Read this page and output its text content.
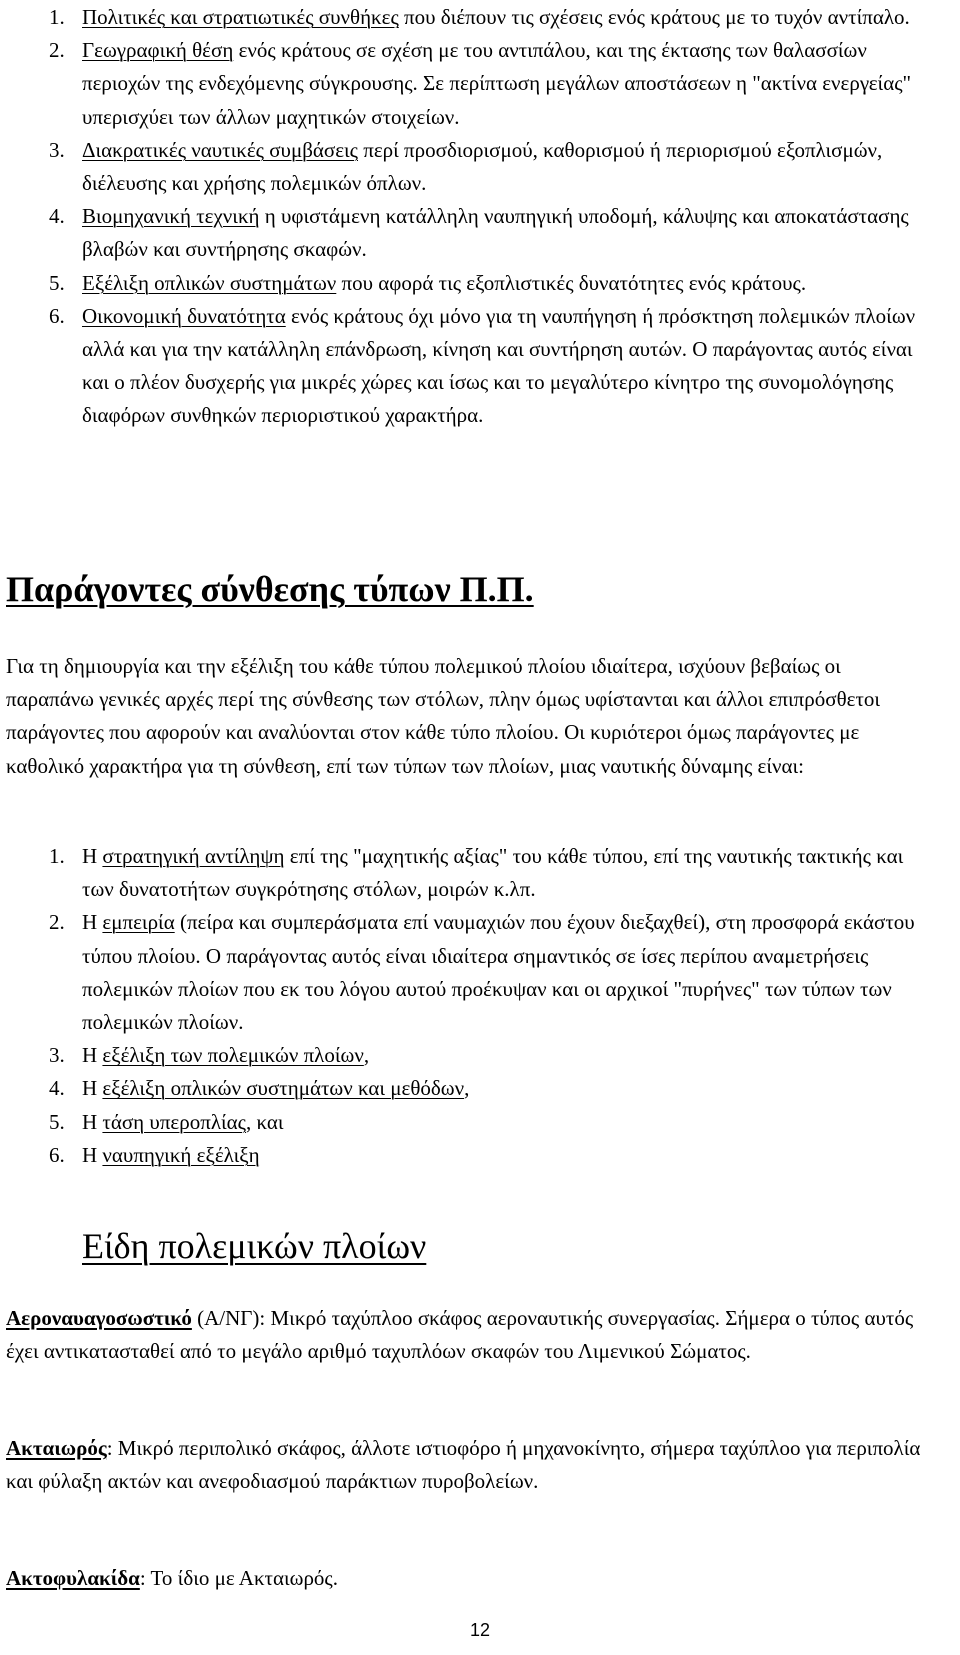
1. Πολιτικές και στρατιωτικές συνθήκες που διέπουν τις σχέσεις ενός κράτους με το τυχόν αντίπαλο.
2. Γεωγραφική θέση ενός κράτους σε σχέση με του αντιπάλου, και της έκτασης των θαλασσίων περιοχών της ενδεχόμενης σύγκρουσης. Σε περίπτωση μεγάλων αποστάσεων η "ακτίνα ενεργείας" υπερισχύει των άλλων μαχητικών στοιχείων.
3. Διακρατικές ναυτικές συμβάσεις περί προσδιορισμού, καθορισμού ή περιορισμού εξοπλισμών, διέλευσης και χρήσης πολεμικών όπλων.
4. Βιομηχανική τεχνική η υφιστάμενη κατάλληλη ναυπηγική υποδομή, κάλυψης και αποκατάστασης βλαβών και συντήρησης σκαφών.
5. Εξέλιξη οπλικών συστημάτων που αφορά τις εξοπλιστικές δυνατότητες ενός κράτους.
6. Οικονομική δυνατότητα ενός κράτους όχι μόνο για τη ναυπήγηση ή πρόσκτηση πολεμικών πλοίων αλλά και για την κατάλληλη επάνδρωση, κίνηση και συντήρηση αυτών. Ο παράγοντας αυτός είναι και ο πλέον δυσχερής για μικρές χώρες και ίσως και το μεγαλύτερο κίνητρο της συνομολόγησης διαφόρων συνθηκών περιοριστικού χαρακτήρα.
Παράγοντες σύνθεσης τύπων Π.Π.

Για τη δημιουργία και την εξέλιξη του κάθε τύπου πολεμικού πλοίου ιδιαίτερα, ισχύουν βεβαίως οι παραπάνω γενικές αρχές περί της σύνθεσης των στόλων, πλην όμως υφίστανται και άλλοι επιπρόσθετοι παράγοντες που αφορούν και αναλύονται στον κάθε τύπο πλοίου. Οι κυριότεροι όμως παράγοντες με καθολικό χαρακτήρα για τη σύνθεση, επί των τύπων των πλοίων, μιας ναυτικής δύναμης είναι:

1. Η στρατηγική αντίληψη επί της "μαχητικής αξίας" του κάθε τύπου, επί της ναυτικής τακτικής και των δυνατοτήτων συγκρότησης στόλων, μοιρών κ.λπ.
2. Η εμπειρία (πείρα και συμπεράσματα επί ναυμαχιών που έχουν διεξαχθεί), στη προσφορά εκάστου τύπου πλοίου. Ο παράγοντας αυτός είναι ιδιαίτερα σημαντικός σε ίσες περίπου αναμετρήσεις πολεμικών πλοίων που εκ του λόγου αυτού προέκυψαν και οι αρχικοί "πυρήνες" των τύπων των πολεμικών πλοίων.
3. Η εξέλιξη των πολεμικών πλοίων,
4. Η εξέλιξη οπλικών συστημάτων και μεθόδων,
5. Η τάση υπεροπλίας, και
6. Η ναυπηγική εξέλιξη
Είδη πολεμικών πλοίων

Αεροναυαγοσωστικό (Α/ΝΓ): Μικρό ταχύπλοο σκάφος αεροναυτικής συνεργασίας. Σήμερα ο τύπος αυτός έχει αντικατασταθεί από το μεγάλο αριθμό ταχυπλόων σκαφών του Λιμενικού Σώματος.

Ακταιωρός: Μικρό περιπολικό σκάφος, άλλοτε ιστιοφόρο ή μηχανοκίνητο, σήμερα ταχύπλοο για περιπολία και φύλαξη ακτών και ανεφοδιασμού παράκτιων πυροβολείων.

Ακτοφυλακίδα: Το ίδιο με Ακταιωρός.

12
